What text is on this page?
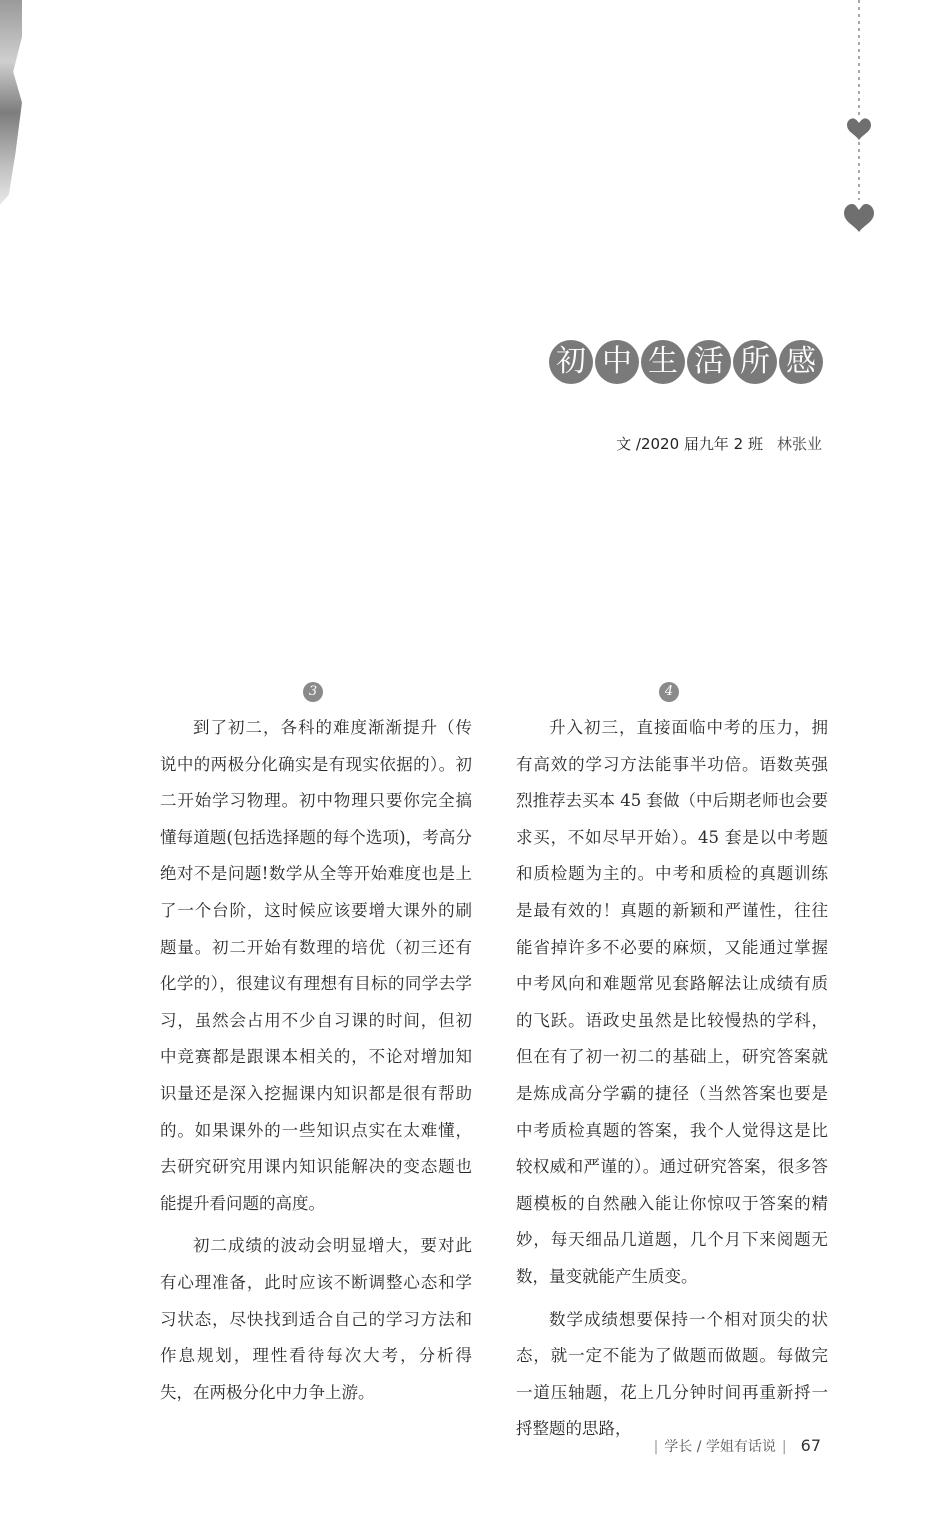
初 中 生 活 所 感
文 /2020 届九年 2 班 林张业
3	4

到了初二，各科的难度渐渐提升（传说中的两极分化确实是有现实依据的）。初二开始学习物理。初中物理只要你完全搞懂每道题(包括选择题的每个选项)，考高分绝对不是问题!数学从全等开始难度也是上了一个台阶，这时候应该要增大课外的刷题量。初二开始有数理的培优（初三还有化学的），很建议有理想有目标的同学去学习，虽然会占用不少自习课的时间，但初中竞赛都是跟课本相关的，不论对增加知识量还是深入挖掘课内知识都是很有帮助的。如果课外的一些知识点实在太难懂，去研究研究用课内知识能解决的变态题也能提升看问题的高度。

初二成绩的波动会明显增大，要对此有心理准备，此时应该不断调整心态和学习状态，尽快找到适合自己的学习方法和作息规划，理性看待每次大考，分析得失，在两极分化中力争上游。

升入初三，直接面临中考的压力，拥有高效的学习方法能事半功倍。语数英强烈推荐去买本 45 套做（中后期老师也会要求买，不如尽早开始）。45 套是以中考题和质检题为主的。中考和质检的真题训练是最有效的！真题的新颖和严谨性，往往能省掉许多不必要的麻烦，又能通过掌握中考风向和难题常见套路解法让成绩有质的飞跃。语政史虽然是比较慢热的学科，但在有了初一初二的基础上，研究答案就是炼成高分学霸的捷径（当然答案也要是中考质检真题的答案，我个人觉得这是比较权威和严谨的）。通过研究答案，很多答题模板的自然融入能让你惊叹于答案的精妙，每天细品几道题，几个月下来阅题无数，量变就能产生质变。

数学成绩想要保持一个相对顶尖的状态，就一定不能为了做题而做题。每做完一道压轴题，花上几分钟时间再重新捋一捋整题的思路，

| 学长 / 学姐有话说 | 67
